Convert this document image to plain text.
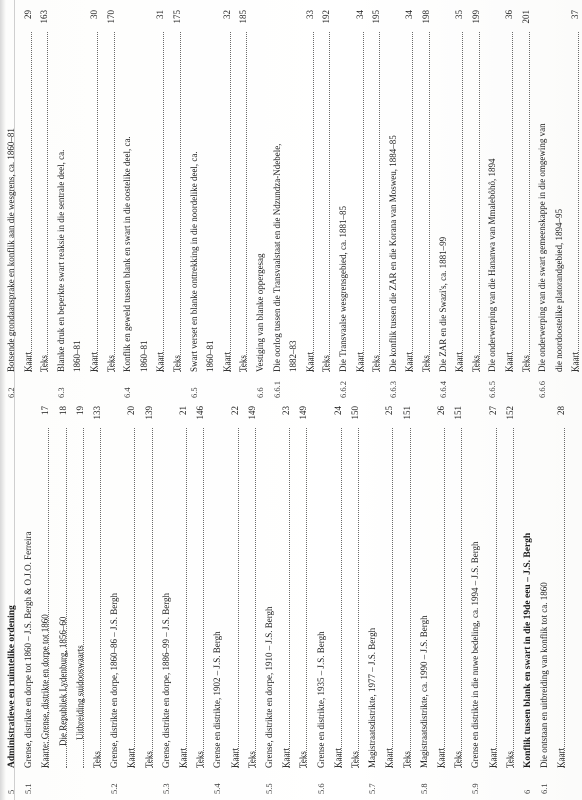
5
Administratiewe en ruimtelike ordening
5.1
Grense, distrikte en dorpe tot 1860 – J.S. Bergh & O.J.O. Ferreira Kaarte: Grense, distrikte en dorpe tot 1860
17
Die Republiek Lydenburg, 1856–60
18
Uitbreiding suidooswaarts
19
Teks
133
5.2
Grense, distrikte en dorpe, 1860–86 – J.S. Bergh Kaart
20
Teks
139
5.3
Grense, distrikte en dorpe, 1886–99 – J.S. Bergh Kaart
21
Teks
146
5.4
Grense en distrikte, 1902 – J.S. Bergh Kaart
22
Teks
149
5.5
Grense, distrikte en dorpe, 1910 – J.S. Bergh Kaart
23
Teks
149
5.6
Grense en distrikte, 1935 – J.S. Bergh Kaart
24
Teks
150
5.7
Magistraatsdistrikte, 1977 – J.S. Bergh Kaart
25
Teks
151
5.8
Magistraatsdistrikte, ca. 1990 – J.S. Bergh Kaart
26
Teks
151
5.9
Grense en distrikte in die nuwe bedeling, ca. 1994 – J.S. Bergh Kaart
27
Teks
152
6
Konflik tussen blank en swart in die 19de eeu – J.S. Bergh
6.1
Die ontstaan en uitbreiding van konflik tot ca. 1860 Kaart
28
6.2
Botsende grondaansprake en konflik aan die wesgrens, ca. 1860–81 Kaart
29
Teks
163
6.3
Blanke druk en beperkte swart reaksie in die sentrale deel, ca. 1860–81 Kaart
30
Teks
170
6.4
Konflik en geweld tussen blank en swart in die oostelike deel, ca. 1860–81 Kaart
31
Teks
175
6.5
Swart verset en blanke onttrekking in die noordelike deel, ca. 1860–81 Kaart
32
Teks
185
6.6
Vestiging van blanke oppergesag
6.6.1
Die oorlog tussen die Transvaalstaat en die Ndzundza-Ndebele, 1882–83 Kaart
33
Teks
192
6.6.2
Die Transvaalse wesgrensgebied, ca. 1881–85 Kaart
34
Teks
195
6.6.3
Die konflik tussen die ZAR en die Korana van Mosweu, 1884–85 Kaart
34
Teks
198
6.6.4
Die ZAR en die Swazi's, ca. 1881–99 Kaart
35
Teks
199
6.6.5
Die onderwerping van die Hananwa van Mmalebôhô, 1894 Kaart
36
Teks
201
6.6.6
Die onderwerping van die swart gemeenskappe in die omgewing van die noordoostelike platorandgebied, 1894–95 Kaart
37
